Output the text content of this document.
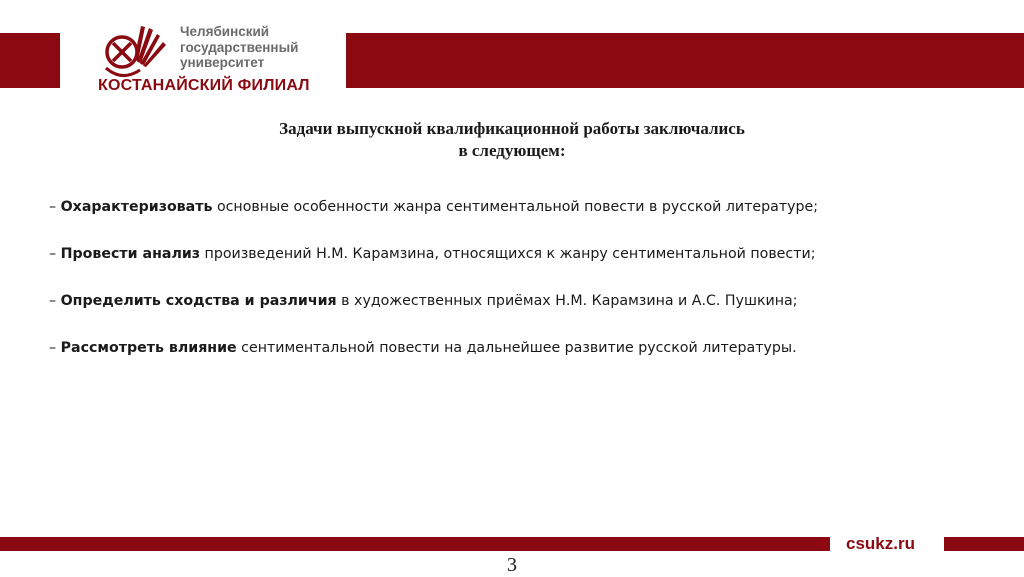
Челябинский
государственный
университет

КОСТАНАЙСКИЙ ФИЛИАЛ
Задачи выпускной квалификационной работы заключались
в следующем:
– Охарактеризовать основные особенности жанра сентиментальной повести в русской литературе;
– Провести анализ произведений Н.М. Карамзина, относящихся к жанру сентиментальной повести;
– Определить сходства и различия в художественных приёмах Н.М. Карамзина и А.С. Пушкина;
– Рассмотреть влияние сентиментальной повести на дальнейшее развитие русской литературы.
csukz.ru
3
